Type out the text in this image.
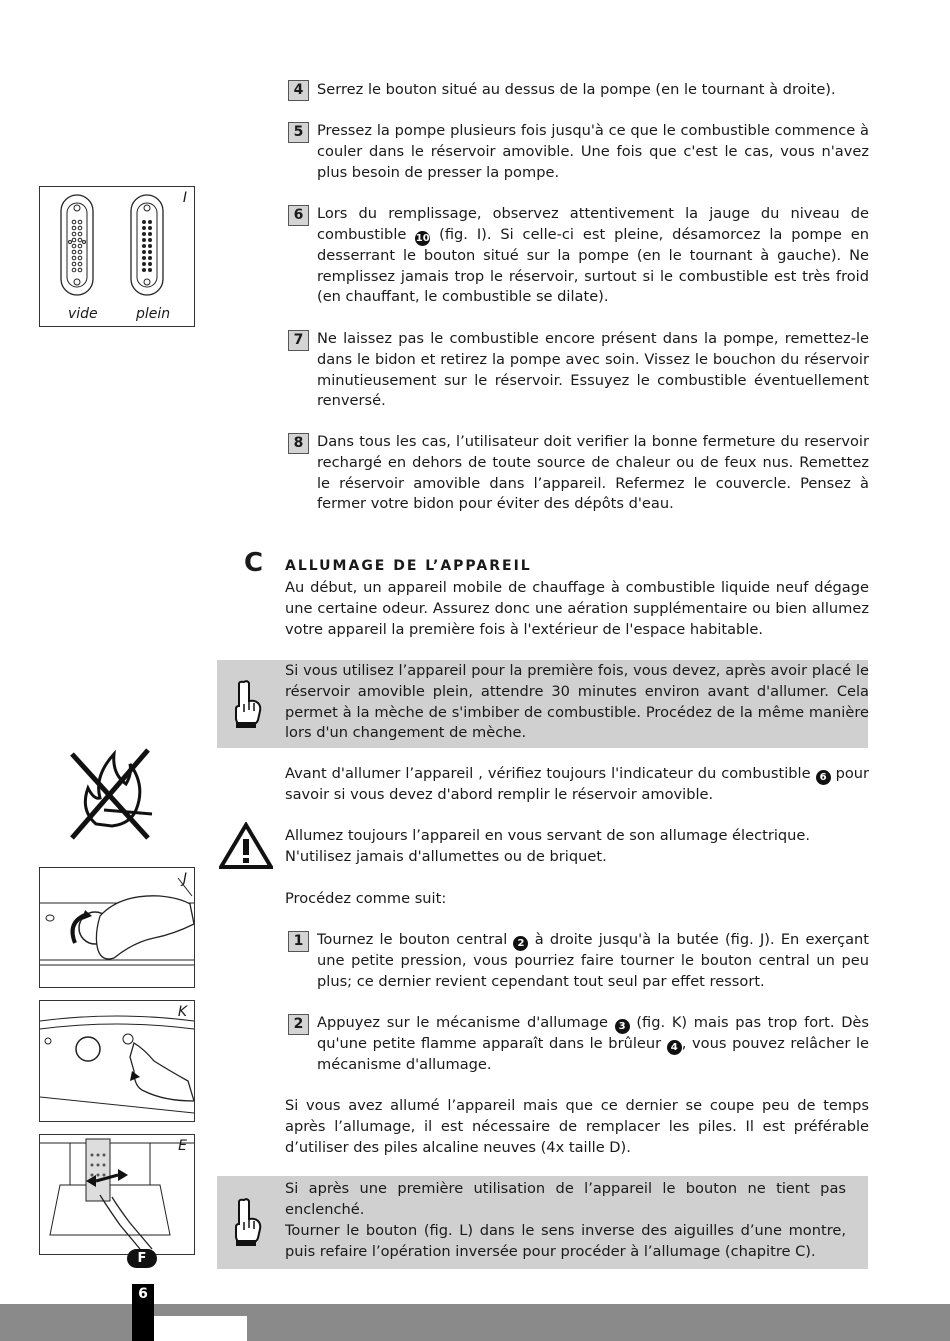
4 Serrez le bouton situé au dessus de la pompe (en le tournant à droite).

5 Pressez la pompe plusieurs fois jusqu'à ce que le combustible commence à couler dans le réservoir amovible. Une fois que c'est le cas, vous n'avez plus besoin de presser la pompe.

6 Lors du remplissage, observez attentivement la jauge du niveau de combustible 10 (fig. I). Si celle-ci est pleine, désamorcez la pompe en desserrant le bouton situé sur la pompe (en le tournant à gauche). Ne remplissez jamais trop le réservoir, surtout si le combustible est très froid (en chauffant, le combustible se dilate).

7 Ne laissez pas le combustible encore présent dans la pompe, remettez-le dans le bidon et retirez la pompe avec soin. Vissez le bouchon du réservoir minutieusement sur le réservoir. Essuyez le combustible éventuellement renversé.

8 Dans tous les cas, l’utilisateur doit verifier la bonne fermeture du reservoir rechargé en dehors de toute source de chaleur ou de feux nus. Remettez le réservoir amovible dans l’appareil. Refermez le couvercle. Pensez à fermer votre bidon pour éviter des dépôts d'eau.

C ALLUMAGE DE L’APPAREIL

Au début, un appareil mobile de chauffage à combustible liquide neuf dégage une certaine odeur. Assurez donc une aération supplémentaire ou bien allumez votre appareil la première fois à l'extérieur de l'espace habitable.

Si vous utilisez l’appareil pour la première fois, vous devez, après avoir placé le réservoir amovible plein, attendre 30 minutes environ avant d'allumer. Cela permet à la mèche de s'imbiber de combustible. Procédez de la même manière lors d'un changement de mèche.

Avant d'allumer l’appareil , vérifiez toujours l'indicateur du combustible 6 pour savoir si vous devez d'abord remplir le réservoir amovible.

Allumez toujours l’appareil en vous servant de son allumage électrique. N'utilisez jamais d'allumettes ou de briquet.

Procédez comme suit:

1 Tournez le bouton central 2 à droite jusqu'à la butée (fig. J). En exerçant une petite pression, vous pourriez faire tourner le bouton central un peu plus; ce dernier revient cependant tout seul par effet ressort.

2 Appuyez sur le mécanisme d'allumage 3 (fig. K) mais pas trop fort. Dès qu'une petite flamme apparaît dans le brûleur 4 , vous pouvez relâcher le mécanisme d'allumage.

Si vous avez allumé l’appareil mais que ce dernier se coupe peu de temps après l’allumage, il est nécessaire de remplacer les piles. Il est préférable d’utiliser des piles alcaline neuves (4x taille D).

Si après une première utilisation de l’appareil le bouton ne tient pas enclenché.

Tourner le bouton (fig. L) dans le sens inverse des aiguilles d’une montre, puis refaire l’opération inversée pour procéder à l’allumage (chapitre C).

I
vide	plein
J
K
E
F
6
